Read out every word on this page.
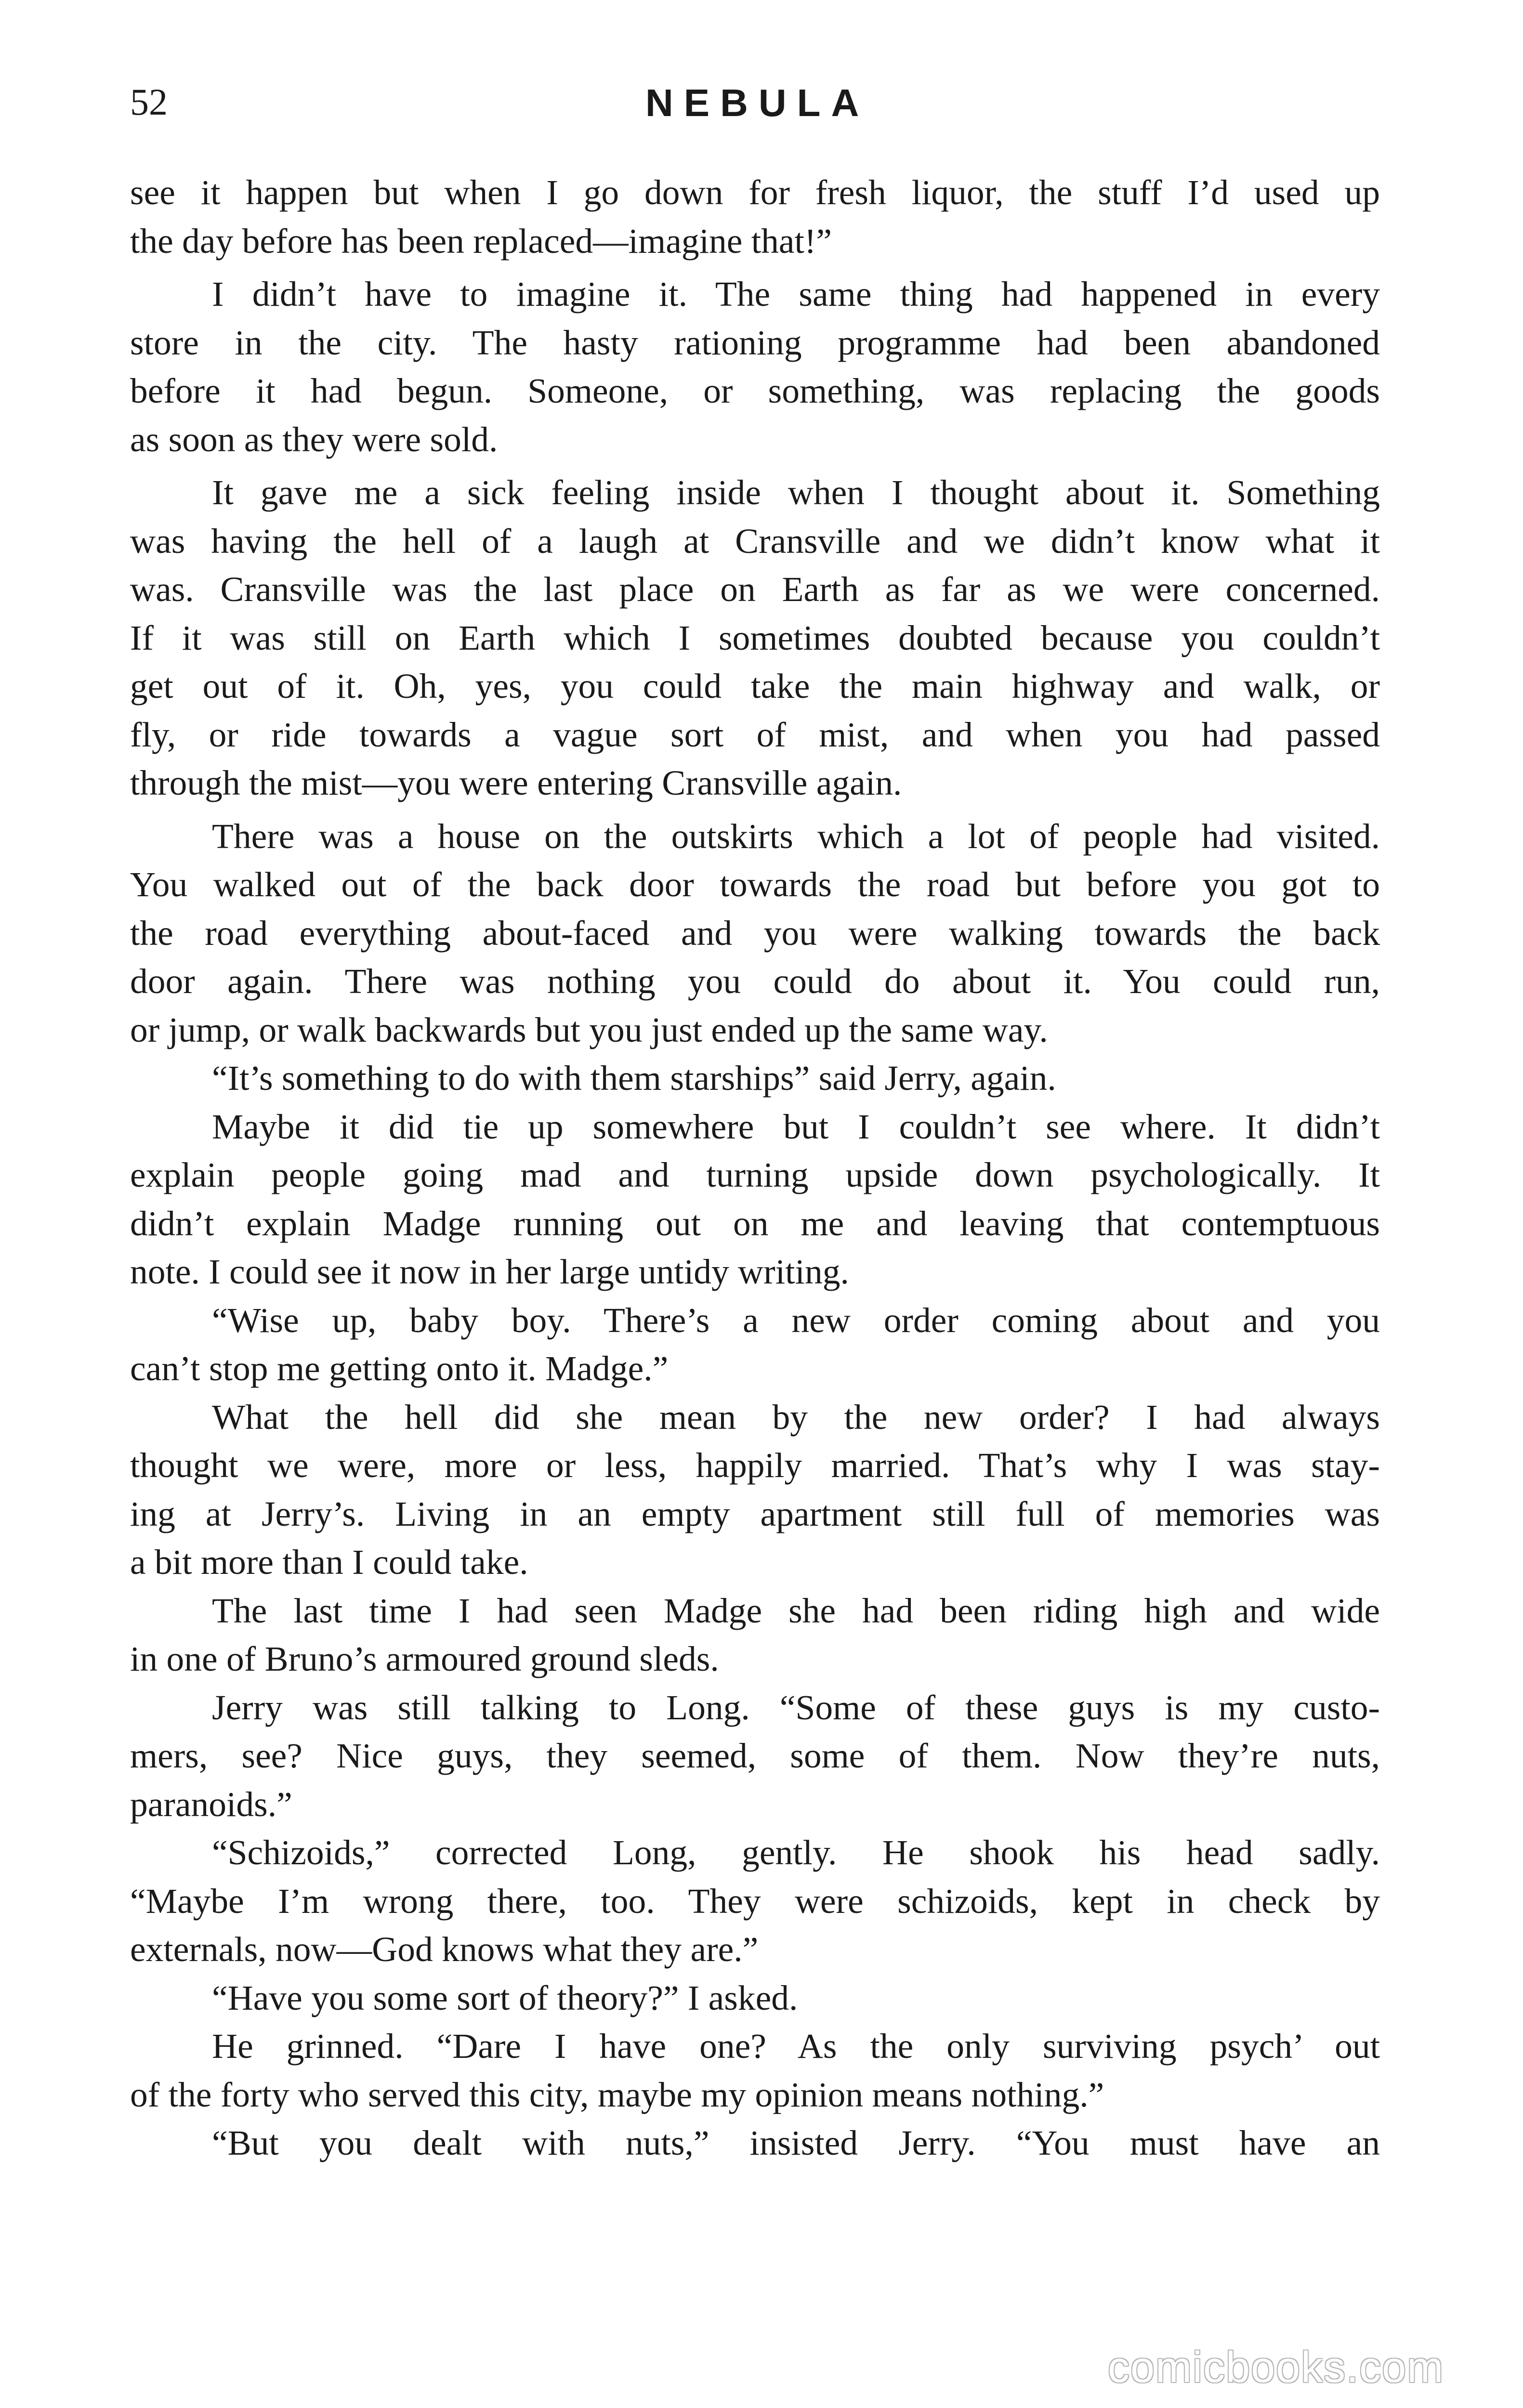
52	NEBULA
see it happen but when I go down for fresh liquor, the stuff I’d used up
the day before has been replaced—imagine that!”
I didn’t have to imagine it. The same thing had happened in every
store in the city. The hasty rationing programme had been abandoned
before it had begun. Someone, or something, was replacing the goods
as soon as they were sold.
It gave me a sick feeling inside when I thought about it. Something
was having the hell of a laugh at Cransville and we didn’t know what it
was. Cransville was the last place on Earth as far as we were concerned.
If it was still on Earth which I sometimes doubted because you couldn’t
get out of it. Oh, yes, you could take the main highway and walk, or
fly, or ride towards a vague sort of mist, and when you had passed
through the mist—you were entering Cransville again.
There was a house on the outskirts which a lot of people had visited.
You walked out of the back door towards the road but before you got to
the road everything about-faced and you were walking towards the back
door again. There was nothing you could do about it. You could run,
or jump, or walk backwards but you just ended up the same way.
“It’s something to do with them starships” said Jerry, again.
Maybe it did tie up somewhere but I couldn’t see where. It didn’t
explain people going mad and turning upside down psychologically. It
didn’t explain Madge running out on me and leaving that contemptuous
note. I could see it now in her large untidy writing.
“Wise up, baby boy. There’s a new order coming about and you
can’t stop me getting onto it. Madge.”
What the hell did she mean by the new order? I had always
thought we were, more or less, happily married. That’s why I was stay-
ing at Jerry’s. Living in an empty apartment still full of memories was
a bit more than I could take.
The last time I had seen Madge she had been riding high and wide
in one of Bruno’s armoured ground sleds.
Jerry was still talking to Long. “Some of these guys is my custo-
mers, see? Nice guys, they seemed, some of them. Now they’re nuts,
paranoids.”
“Schizoids,” corrected Long, gently. He shook his head sadly.
“Maybe I’m wrong there, too. They were schizoids, kept in check by
externals, now—God knows what they are.”
“Have you some sort of theory?” I asked.
He grinned. “Dare I have one? As the only surviving psych’ out
of the forty who served this city, maybe my opinion means nothing.”
“But you dealt with nuts,” insisted Jerry. “You must have an
comicbooks.com
